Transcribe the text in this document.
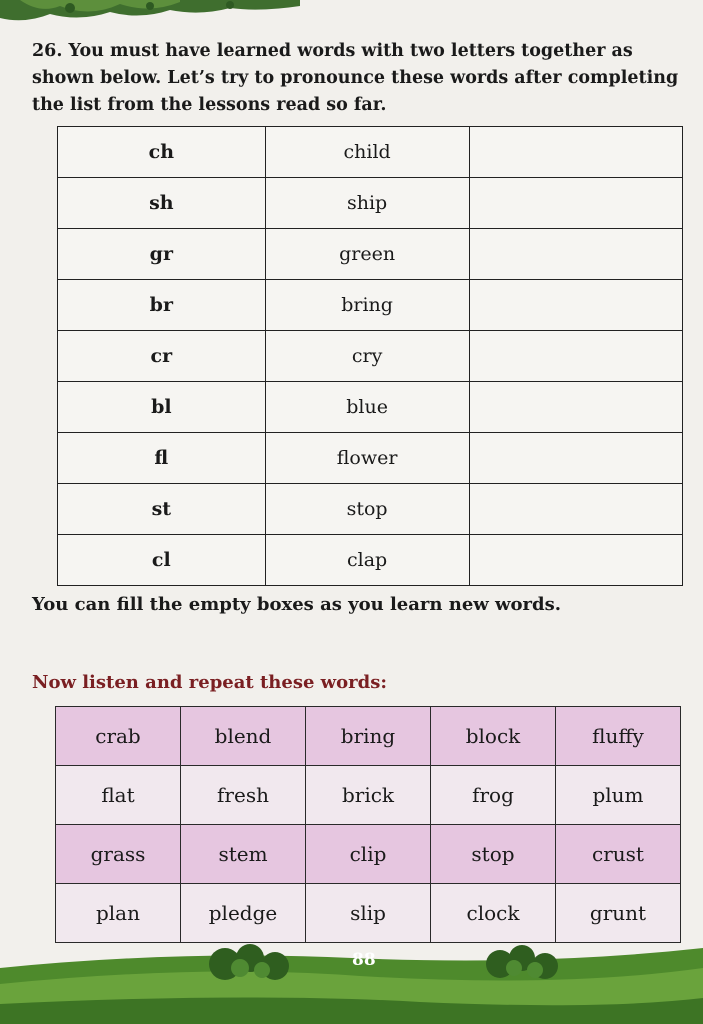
26. You must have learned words with two letters together as shown below. Let’s try to pronounce these words after completing the list from the lessons read so far.
ch	child	
sh	ship	
gr	green	
br	bring	
cr	cry	
bl	blue	
fl	flower	
st	stop	
cl	clap	
You can fill the empty boxes as you learn new words.
Now listen and repeat these words:
crab	blend	bring	block	fluffy
flat	fresh	brick	frog	plum
grass	stem	clip	stop	crust
plan	pledge	slip	clock	grunt
88
